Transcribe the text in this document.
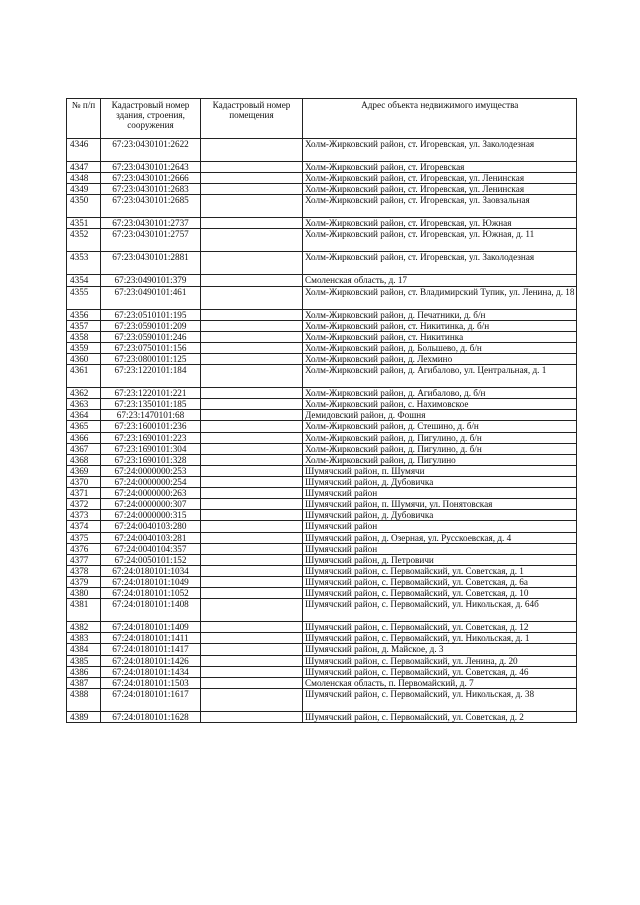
№ п/п	Кадастровый номер здания, строения, сооружения	Кадастровый номер помещения	Адрес объекта недвижимого имущества
4346	67:23:0430101:2622		Холм-Жирковский район, ст. Игоревская, ул. Заколодезная
4347	67:23:0430101:2643		Холм-Жирковский район, ст. Игоревская
4348	67:23:0430101:2666		Холм-Жирковский район, ст. Игоревская, ул. Ленинская
4349	67:23:0430101:2683		Холм-Жирковский район, ст. Игоревская, ул. Ленинская
4350	67:23:0430101:2685		Холм-Жирковский район, ст. Игоревская, ул. Заовзальная
4351	67:23:0430101:2737		Холм-Жирковский район, ст. Игоревская, ул. Южная
4352	67:23:0430101:2757		Холм-Жирковский район, ст. Игоревская, ул. Южная, д. 11
4353	67:23:0430101:2881		Холм-Жирковский район, ст. Игоревская, ул. Заколодезная
4354	67:23:0490101:379		Смоленская область, д. 17
4355	67:23:0490101:461		Холм-Жирковский район, ст. Владимирский Тупик, ул. Ленина, д. 18
4356	67:23:0510101:195		Холм-Жирковский район, д. Печатники, д. б/н
4357	67:23:0590101:209		Холм-Жирковский район, ст. Никитинка, д. б/н
4358	67:23:0590101:246		Холм-Жирковский район, ст. Никитинка
4359	67:23:0750101:156		Холм-Жирковский район, д. Большево, д. б/н
4360	67:23:0800101:125		Холм-Жирковский район, д. Лехмино
4361	67:23:1220101:184		Холм-Жирковский район, д. Агибалово, ул. Центральная, д. 1
4362	67:23:1220101:221		Холм-Жирковский район, д. Агибалово, д. б/н
4363	67:23:1350101:185		Холм-Жирковский район, с. Нахимовское
4364	67:23:1470101:68		Демидовский район, д. Фошня
4365	67:23:1600101:236		Холм-Жирковский район, д. Стешино, д. б/н
4366	67:23:1690101:223		Холм-Жирковский район, д. Пигулино, д. б/н
4367	67:23:1690101:304		Холм-Жирковский район, д. Пигулино, д. б/н
4368	67:23:1690101:328		Холм-Жирковский район, д. Пигулино
4369	67:24:0000000:253		Шумячский район, п. Шумячи
4370	67:24:0000000:254		Шумячский район, д. Дубовичка
4371	67:24:0000000:263		Шумячский район
4372	67:24:0000000:307		Шумячский район, п. Шумячи, ул. Понятовская
4373	67:24:0000000:315		Шумячский район, д. Дубовичка
4374	67:24:0040103:280		Шумячский район
4375	67:24:0040103:281		Шумячский район, д. Озерная, ул. Русскоевская, д. 4
4376	67:24:0040104:357		Шумячский район
4377	67:24:0050101:152		Шумячский район, д. Петровичи
4378	67:24:0180101:1034		Шумячский район, с. Первомайский, ул. Советская, д. 1
4379	67:24:0180101:1049		Шумячский район, с. Первомайский, ул. Советская, д. 6а
4380	67:24:0180101:1052		Шумячский район, с. Первомайский, ул. Советская, д. 10
4381	67:24:0180101:1408		Шумячский район, с. Первомайский, ул. Никольская, д. 64б
4382	67:24:0180101:1409		Шумячский район, с. Первомайский, ул. Советская, д. 12
4383	67:24:0180101:1411		Шумячский район, с. Первомайский, ул. Никольская, д. 1
4384	67:24:0180101:1417		Шумячский район, д. Майское, д. 3
4385	67:24:0180101:1426		Шумячский район, с. Первомайский, ул. Ленина, д. 20
4386	67:24:0180101:1434		Шумячский район, с. Первомайский, ул. Советская, д. 46
4387	67:24:0180101:1503		Смоленская область, п. Первомайский, д. 7
4388	67:24:0180101:1617		Шумячский район, с. Первомайский, ул. Никольская, д. 38
4389	67:24:0180101:1628		Шумячский район, с. Первомайский, ул. Советская, д. 2
